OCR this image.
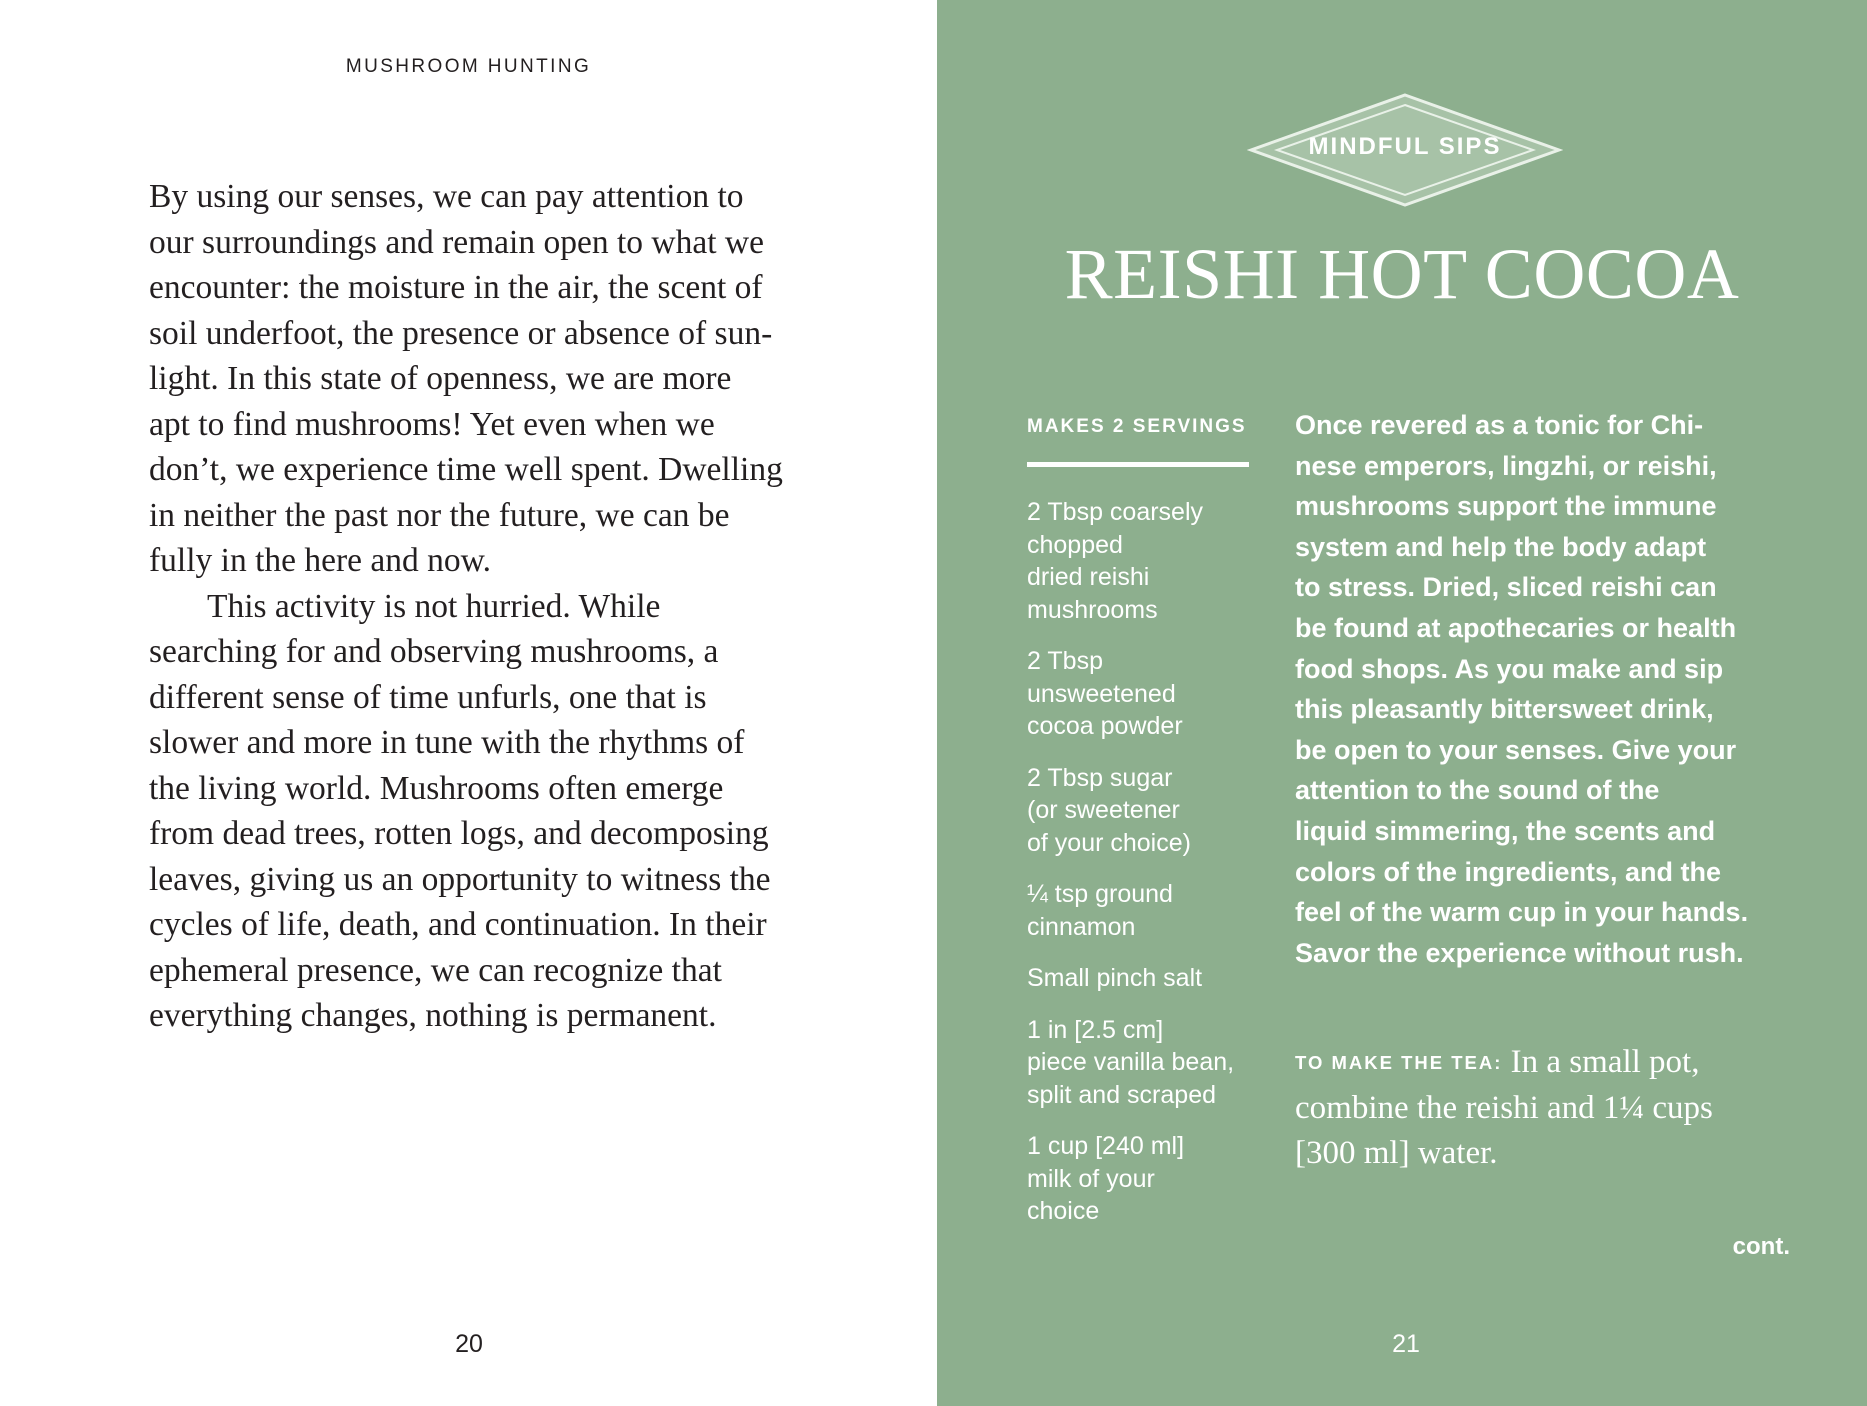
MUSHROOM HUNTING

By using our senses, we can pay attention to
our surroundings and remain open to what we
encounter: the moisture in the air, the scent of
soil underfoot, the presence or absence of sun-
light. In this state of openness, we are more
apt to find mushrooms! Yet even when we
don’t, we experience time well spent. Dwelling
in neither the past nor the future, we can be
fully in the here and now.

This activity is not hurried. While
searching for and observing mushrooms, a
different sense of time unfurls, one that is
slower and more in tune with the rhythms of
the living world. Mushrooms often emerge
from dead trees, rotten logs, and decomposing
leaves, giving us an opportunity to witness the
cycles of life, death, and continuation. In their
ephemeral presence, we can recognize that
everything changes, nothing is permanent.

20
MINDFUL SIPS
REISHI HOT COCOA
MAKES 2 SERVINGS
2 Tbsp coarsely
chopped
dried reishi
mushrooms
2 Tbsp
unsweetened
cocoa powder
2 Tbsp sugar
(or sweetener
of your choice)
¼ tsp ground
cinnamon
Small pinch salt
1 in [2.5 cm]
piece vanilla bean,
split and scraped
1 cup [240 ml]
milk of your
choice

Once revered as a tonic for Chi-
nese emperors, lingzhi, or reishi,
mushrooms support the immune
system and help the body adapt
to stress. Dried, sliced reishi can
be found at apothecaries or health
food shops. As you make and sip
this pleasantly bittersweet drink,
be open to your senses. Give your
attention to the sound of the
liquid simmering, the scents and
colors of the ingredients, and the
feel of the warm cup in your hands.
Savor the experience without rush.

TO MAKE THE TEA: In a small pot,
combine the reishi and 1¼ cups
[300 ml] water.

cont.
21
